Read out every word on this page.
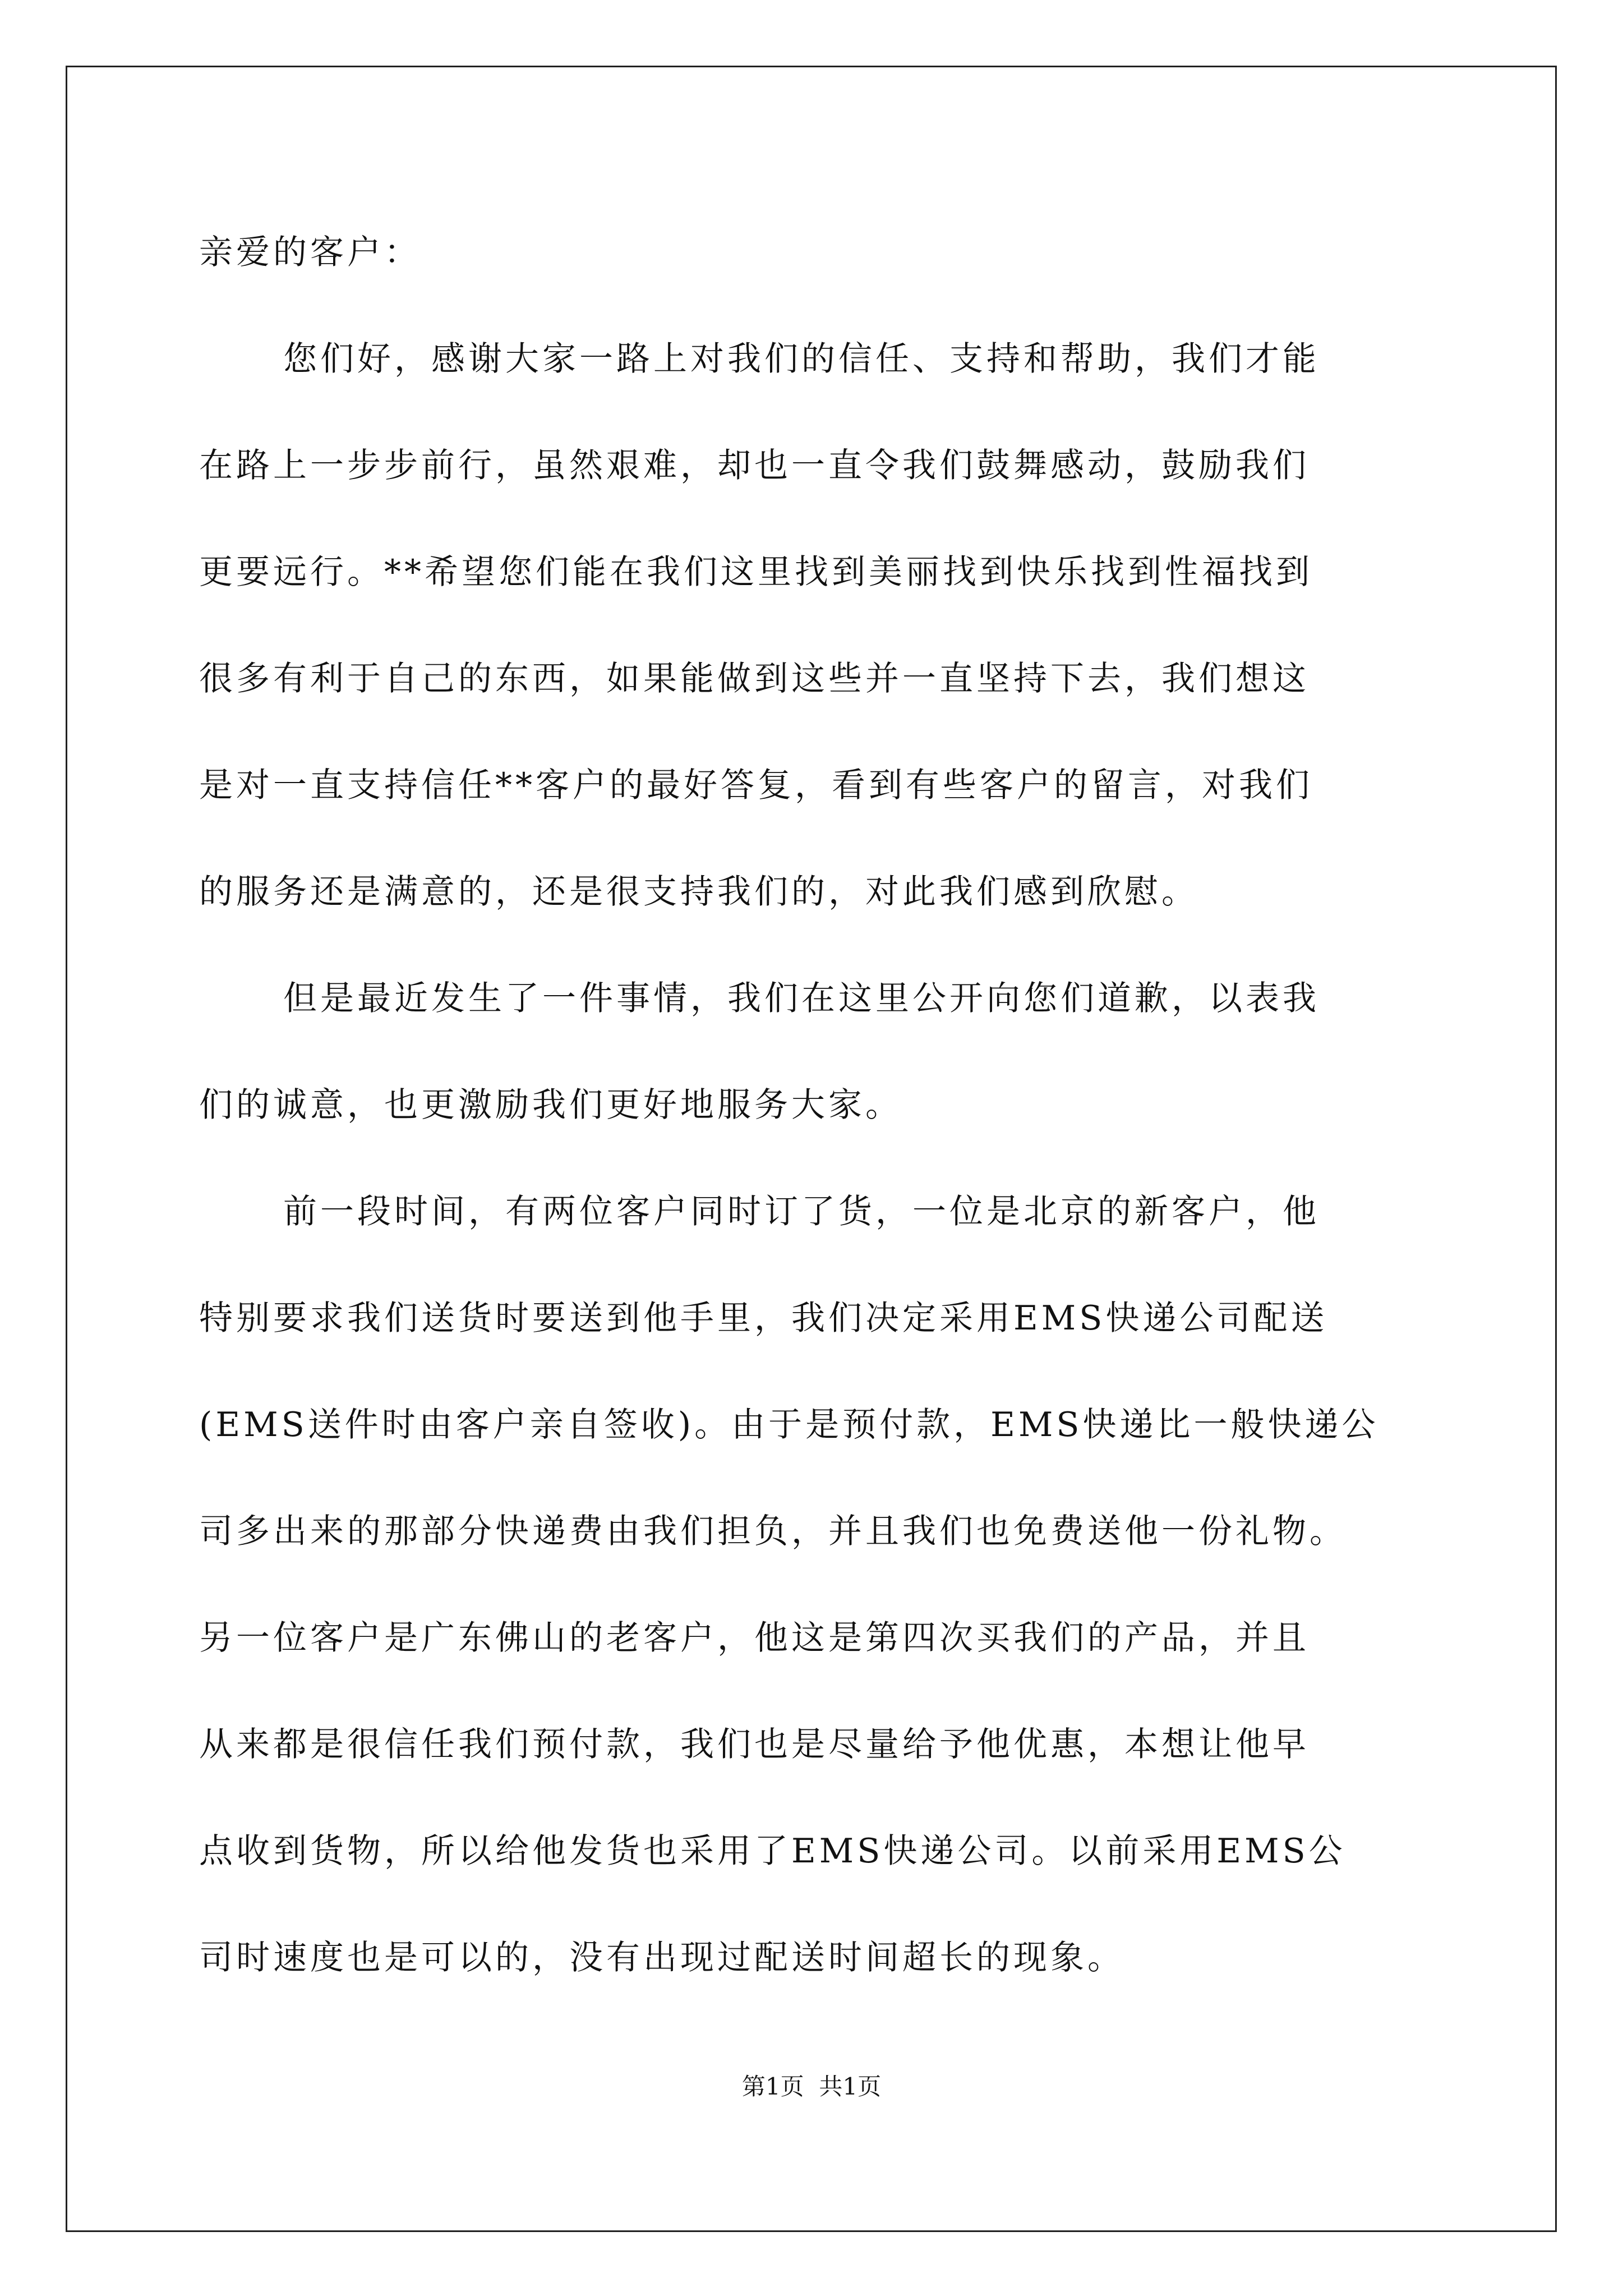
亲爱的客户：
您们好，感谢大家一路上对我们的信任、支持和帮助，我们才能
在路上一步步前行，虽然艰难，却也一直令我们鼓舞感动，鼓励我们
更要远行。**希望您们能在我们这里找到美丽找到快乐找到性福找到
很多有利于自己的东西，如果能做到这些并一直坚持下去，我们想这
是对一直支持信任**客户的最好答复，看到有些客户的留言，对我们
的服务还是满意的，还是很支持我们的，对此我们感到欣慰。
但是最近发生了一件事情，我们在这里公开向您们道歉，以表我
们的诚意，也更激励我们更好地服务大家。
前一段时间，有两位客户同时订了货，一位是北京的新客户，他
特别要求我们送货时要送到他手里，我们决定采用EMS快递公司配送
(EMS送件时由客户亲自签收)。由于是预付款，EMS快递比一般快递公
司多出来的那部分快递费由我们担负，并且我们也免费送他一份礼物。
另一位客户是广东佛山的老客户，他这是第四次买我们的产品，并且
从来都是很信任我们预付款，我们也是尽量给予他优惠，本想让他早
点收到货物，所以给他发货也采用了EMS快递公司。以前采用EMS公
司时速度也是可以的，没有出现过配送时间超长的现象。
第1页  共1页
